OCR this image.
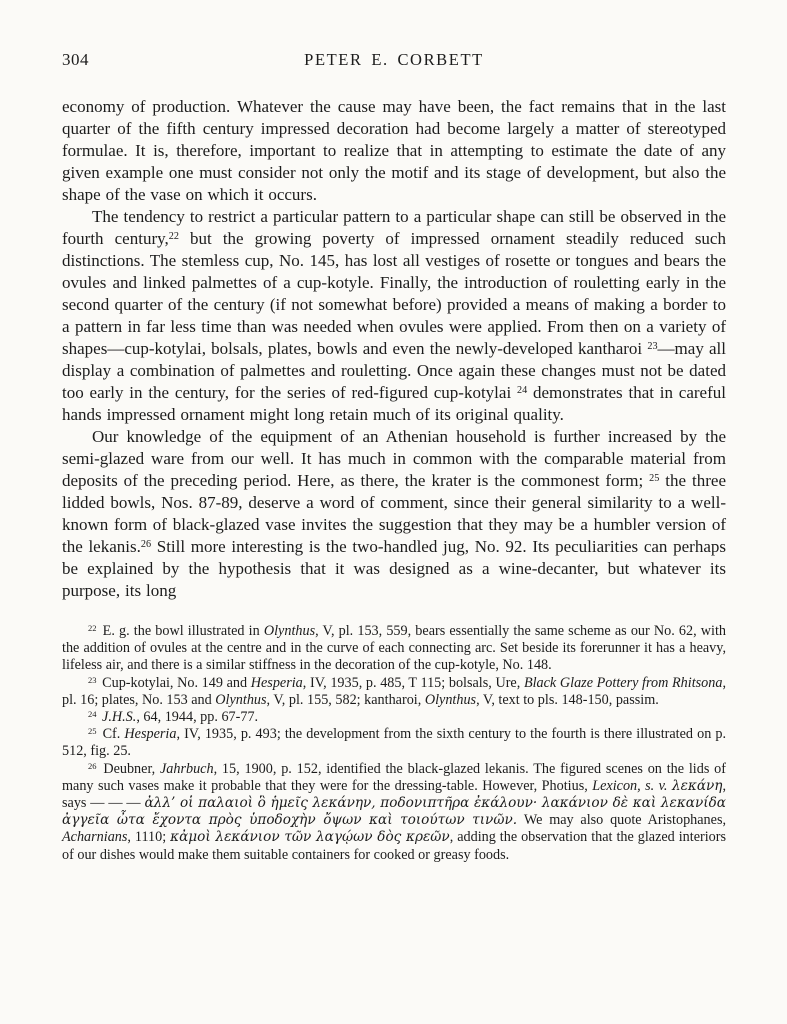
304	PETER E. CORBETT

economy of production. Whatever the cause may have been, the fact remains that in the last quarter of the fifth century impressed decoration had become largely a matter of stereotyped formulae. It is, therefore, important to realize that in attempting to estimate the date of any given example one must consider not only the motif and its stage of development, but also the shape of the vase on which it occurs.

The tendency to restrict a particular pattern to a particular shape can still be observed in the fourth century,$^{22}$ but the growing poverty of impressed ornament steadily reduced such distinctions. The stemless cup, No. 145, has lost all vestiges of rosette or tongues and bears the ovules and linked palmettes of a cup-kotyle. Finally, the introduction of rouletting early in the second quarter of the century (if not somewhat before) provided a means of making a border to a pattern in far less time than was needed when ovules were applied. From then on a variety of shapes—cup-kotylai, bolsals, plates, bowls and even the newly-developed kantharoi $^{23}$—may all display a combination of palmettes and rouletting. Once again these changes must not be dated too early in the century, for the series of red-figured cup-kotylai $^{24}$ demonstrates that in careful hands impressed ornament might long retain much of its original quality.

Our knowledge of the equipment of an Athenian household is further increased by the semi-glazed ware from our well. It has much in common with the comparable material from deposits of the preceding period. Here, as there, the krater is the commonest form; $^{25}$ the three lidded bowls, Nos. 87-89, deserve a word of comment, since their general similarity to a well-known form of black-glazed vase invites the suggestion that they may be a humbler version of the lekanis.$^{26}$ Still more interesting is the two-handled jug, No. 92. Its peculiarities can perhaps be explained by the hypothesis that it was designed as a wine-decanter, but whatever its purpose, its long

$^{22}$ E. g. the bowl illustrated in Olynthus, V, pl. 153, 559, bears essentially the same scheme as our No. 62, with the addition of ovules at the centre and in the curve of each connecting arc. Set beside its forerunner it has a heavy, lifeless air, and there is a similar stiffness in the decoration of the cup-kotyle, No. 148.

$^{23}$ Cup-kotylai, No. 149 and Hesperia, IV, 1935, p. 485, T 115; bolsals, Ure, Black Glaze Pottery from Rhitsona, pl. 16; plates, No. 153 and Olynthus, V, pl. 155, 582; kantharoi, Olynthus, V, text to pls. 148-150, passim.

$^{24}$ J.H.S., 64, 1944, pp. 67-77.

$^{25}$ Cf. Hesperia, IV, 1935, p. 493; the development from the sixth century to the fourth is there illustrated on p. 512, fig. 25.

$^{26}$ Deubner, Jahrbuch, 15, 1900, p. 152, identified the black-glazed lekanis. The figured scenes on the lids of many such vases make it probable that they were for the dressing-table. However, Photius, Lexicon, s. v. λεκάνη, says — — — ἀλλ’ οἱ παλαιοὶ ὃ ἡμεῖς λεκάνην, ποδονιπτῆρα ἐκάλουν· λακάνιον δὲ καὶ λεκανίδα ἀγγεῖα ὦτα ἔχοντα πρὸς ὑποδοχὴν ὄψων καὶ τοιούτων τινῶν. We may also quote Aristophanes, Acharnians, 1110; κἀμοὶ λεκάνιον τῶν λαγῴων δὸς κρεῶν, adding the observation that the glazed interiors of our dishes would make them suitable containers for cooked or greasy foods.
